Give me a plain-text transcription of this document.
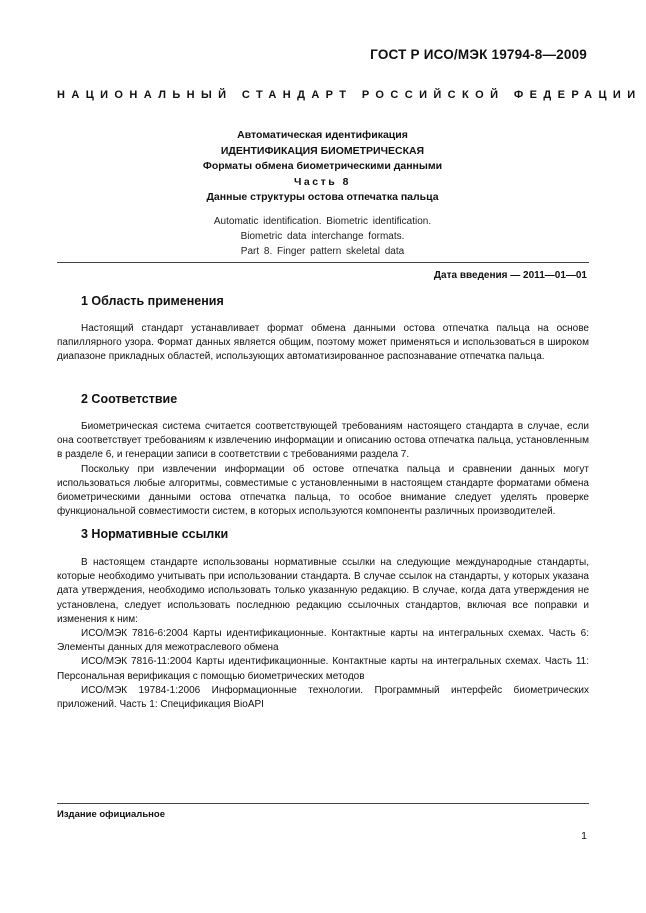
ГОСТ Р ИСО/МЭК 19794-8—2009
НАЦИОНАЛЬНЫЙ СТАНДАРТ РОССИЙСКОЙ ФЕДЕРАЦИИ
Автоматическая идентификация
ИДЕНТИФИКАЦИЯ БИОМЕТРИЧЕСКАЯ
Форматы обмена биометрическими данными
Часть 8
Данные структуры остова отпечатка пальца
Automatic identification. Biometric identification.
Biometric data interchange formats.
Part 8. Finger pattern skeletal data
Дата введения — 2011—01—01
1 Область применения

Настоящий стандарт устанавливает формат обмена данными остова отпечатка пальца на основе папиллярного узора. Формат данных является общим, поэтому может применяться и использоваться в широком диапазоне прикладных областей, использующих автоматизированное распознавание отпечатка пальца.

2 Соответствие

Биометрическая система считается соответствующей требованиям настоящего стандарта в случае, если она соответствует требованиям к извлечению информации и описанию остова отпечатка пальца, установленным в разделе 6, и генерации записи в соответствии с требованиями раздела 7.

Поскольку при извлечении информации об остове отпечатка пальца и сравнении данных могут использоваться любые алгоритмы, совместимые с установленными в настоящем стандарте форматами обмена биометрическими данными остова отпечатка пальца, то особое внимание следует уделять проверке функциональной совместимости систем, в которых используются компоненты различных производителей.

3 Нормативные ссылки

В настоящем стандарте использованы нормативные ссылки на следующие международные стандарты, которые необходимо учитывать при использовании стандарта. В случае ссылок на стандарты, у которых указана дата утверждения, необходимо использовать только указанную редакцию. В случае, когда дата утверждения не установлена, следует использовать последнюю редакцию ссылочных стандартов, включая все поправки и изменения к ним:

ИСО/МЭК 7816-6:2004 Карты идентификационные. Контактные карты на интегральных схемах. Часть 6: Элементы данных для межотраслевого обмена

ИСО/МЭК 7816-11:2004 Карты идентификационные. Контактные карты на интегральных схемах. Часть 11: Персональная верификация с помощью биометрических методов

ИСО/МЭК 19784-1:2006 Информационные технологии. Программный интерфейс биометрических приложений. Часть 1: Спецификация BioAPI

Издание официальное
1
